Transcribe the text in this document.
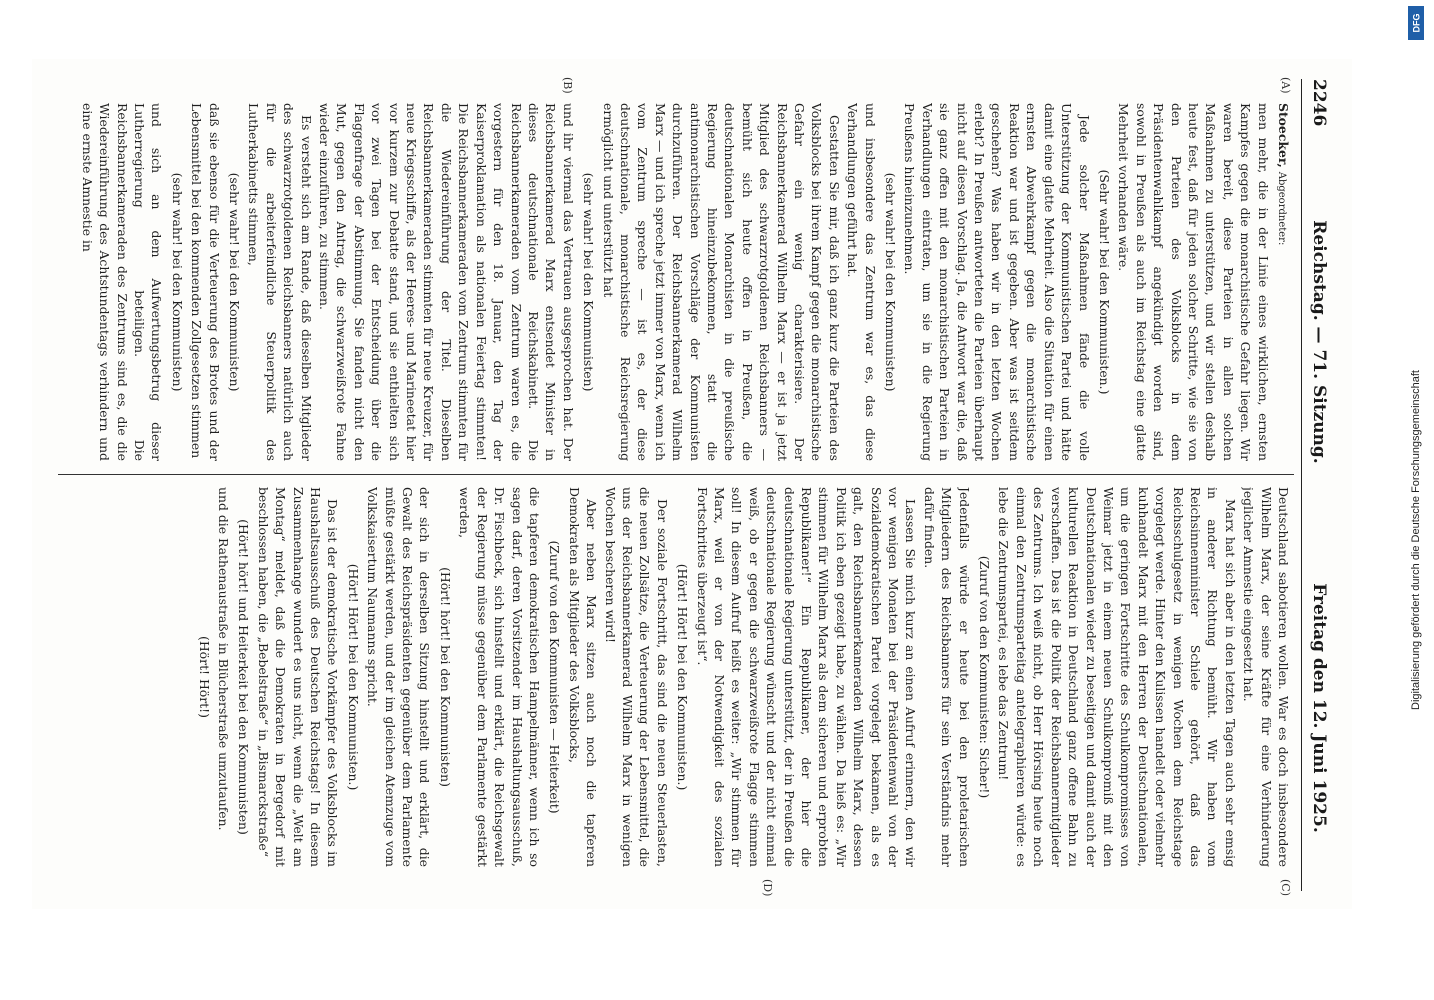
2246
Reichstag. — 71. Sitzung.
Freitag den 12. Juni 1925.
(A)
(B)
(C)
(D)

Stoecker, Abgeordneter:

men mehr, die in der Linie eines wirklichen, ernsten Kampfes gegen die monarchistische Gefahr liegen. Wir waren bereit, diese Parteien in allen solchen Maßnahmen zu unterstützen, und wir stellen deshalb heute fest, daß für jeden solcher Schritte, wie sie von den Parteien des Volksblocks in dem Präsidentenwahlkampf angekündigt worden sind, sowohl in Preußen als auch im Reichstag eine glatte Mehrheit vorhanden wäre.

(Sehr wahr! bei den Kommunisten.)

Jede solcher Maßnahmen fände die volle Unterstützung der Kommunistischen Partei und hätte damit eine glatte Mehrheit. Also die Situation für einen ernsten Abwehrkampf gegen die monarchistische Reaktion war und ist gegeben. Aber was ist seitdem geschehen? Was haben wir in den letzten Wochen erlebt? In Preußen antworteten die Parteien überhaupt nicht auf diesen Vorschlag. Ja, die Antwort war die, daß sie ganz offen mit den monarchistischen Parteien in Verhandlungen eintraten, um sie in die Regierung Preußens hineinzunehmen.

(sehr wahr! bei den Kommunisten)

und insbesondere das Zentrum war es, das diese Verhandlungen geführt hat.

Gestatten Sie mir, daß ich ganz kurz die Parteien des Volksblocks bei ihrem Kampf gegen die monarchistische Gefahr ein wenig charakterisiere. Der Reichsbannerkamerad Wilhelm Marx — er ist ja jetzt Mitglied des schwarzrotgoldenen Reichsbanners — bemüht sich heute offen in Preußen, die deutschnationalen Monarchisten in die preußische Regierung hineinzubekommen, statt die antimonarchistischen Vorschläge der Kommunisten durchzuführen. Der Reichsbannerkamerad Wilhelm Marx — und ich spreche jetzt immer von Marx, wenn ich vom Zentrum spreche — ist es, der diese deutschnationale, monarchistische Reichsregierung ermöglicht und unterstützt hat

(sehr wahr! bei den Kommunisten)

und ihr viermal das Vertrauen ausgesprochen hat. Der Reichsbannerkamerad Marx entsendet Minister in dieses deutschnationale Reichskabinett. Die Reichsbannerkameraden vom Zentrum waren es, die vorgestern für den 18. Januar, den Tag der Kaiserproklamation als nationalen Feiertag stimmten! Die Reichsbannerkameraden vom Zentrum stimmten für die Wiedereinführung der Titel. Dieselben Reichsbannerkameraden stimmten für neue Kreuzer, für neue Kriegsschiffe, als der Heeres- und Marineetat hier vor kurzem zur Debatte stand, und sie enthielten sich vor zwei Tagen bei der Entscheidung über die Flaggenfrage der Abstimmung. Sie fanden nicht den Mut, gegen den Antrag, die schwarzweißrote Fahne wieder einzuführen, zu stimmen.

Es versteht sich am Rande, daß dieselben Mitglieder des schwarzrotgoldenen Reichsbanners natürlich auch für die arbeiterfeindliche Steuerpolitik des Lutherkabinetts stimmen,

(sehr wahr! bei den Kommunisten)

daß sie ebenso für die Verteuerung des Brotes und der Lebensmittel bei den kommenden Zollgesetzen stimmen

(sehr wahr! bei den Kommunisten)

und sich an dem Aufwertungsbetrug dieser Lutherregierung beteiligen. Die Reichsbannerkameraden des Zentrums sind es, die die Wiedereinführung des Achtstundentags verhindern und eine ernste Amnestie in

Deutschland sabotieren wollen. War es doch insbesondere Wilhelm Marx, der seine Kräfte für eine Verhinderung jeglicher Amnestie eingesetzt hat.

Marx hat sich aber in den letzten Tagen auch sehr emsig in anderer Richtung bemüht. Wir haben vom Reichsinnenminister Schiele gehört, daß das Reichsschulgesetz in wenigen Wochen dem Reichstage vorgelegt werde. Hinter den Kulissen handelt oder vielmehr kuhhandelt Marx mit den Herren der Deutschnationalen, um die geringen Fortschritte des Schulkompromisses von Weimar jetzt in einem neuen Schulkompromiß mit den Deutschnationalen wieder zu beseitigen und damit auch der kulturellen Reaktion in Deutschland ganz offene Bahn zu verschaffen. Das ist die Politik der Reichsbannermitglieder des Zentrums. Ich weiß nicht, ob Herr Hörsing heute noch einmal den Zentrumsparteitag antelegraphieren würde: es lebe die Zentrumspartei, es lebe das Zentrum!

(Zuruf von den Kommunisten: Sicher!)

Jedenfalls würde er heute bei den proletarischen Mitgliedern des Reichsbanners für sein Verständnis mehr dafür finden.

Lassen Sie mich kurz an einen Aufruf erinnern, den wir vor wenigen Monaten bei der Präsidentenwahl von der Sozialdemokratischen Partei vorgelegt bekamen, als es galt, den Reichsbannerkameraden Wilhelm Marx, dessen Politik ich eben gezeigt habe, zu wählen. Da hieß es: „Wir stimmen für Wilhelm Marx als dem sicheren und erprobten Republikaner!“ Ein Republikaner, der hier die deutschnationale Regierung unterstützt, der in Preußen die deutschnationale Regierung wünscht und der nicht einmal weiß, ob er gegen die schwarzweißrote Flagge stimmen soll! In diesem Aufruf heißt es weiter: „Wir stimmen für Marx, weil er von der Notwendigkeit des sozialen Fortschrittes überzeugt ist“.

(Hört! Hört! bei den Kommunisten.)

Der soziale Fortschritt, das sind die neuen Steuerlasten, die neuen Zollsätze, die Verteuerung der Lebensmittel, die uns der Reichsbannerkamerad Wilhelm Marx in wenigen Wochen bescheren wird!

Aber neben Marx sitzen auch noch die tapferen Demokraten als Mitglieder des Volksblocks,

(Zuruf von den Kommunisten — Heiterkeit)

die tapferen demokratischen Hampelmänner, wenn ich so sagen darf, deren Vorsitzender im Haushaltungsausschuß, Dr. Fischbeck, sich hinstellt und erklärt, die Reichsgewalt der Regierung müsse gegenüber dem Parlamente gestärkt werden,

(Hört! hört! bei den Kommunisten)

der sich in derselben Sitzung hinstellt und erklärt, die Gewalt des Reichspräsidenten gegenüber dem Parlamente müßte gestärkt werden, und der im gleichen Atemzuge vom Volkskaisertum Naumanns spricht.

(Hört! Hört! bei den Kommunisten.)

Das ist der demokratische Vorkämpfer des Volksblocks im Haushaltsausschuß des Deutschen Reichstags! In diesem Zusammenhange wundert es uns nicht, wenn die „Welt am Montag“ meldet, daß die Demokraten in Bergedorf mit beschlossen haben, die „Bebelstraße“ in „Bismarckstraße“

(Hört! hört! und Heiterkeit bei den Kommunisten)

und die Rathenaustraße in Blücherstraße umzutaufen.

(Hört! Hört!)

DFG
Digitalisierung gefördert durch die Deutsche Forschungsgemeinschaft
